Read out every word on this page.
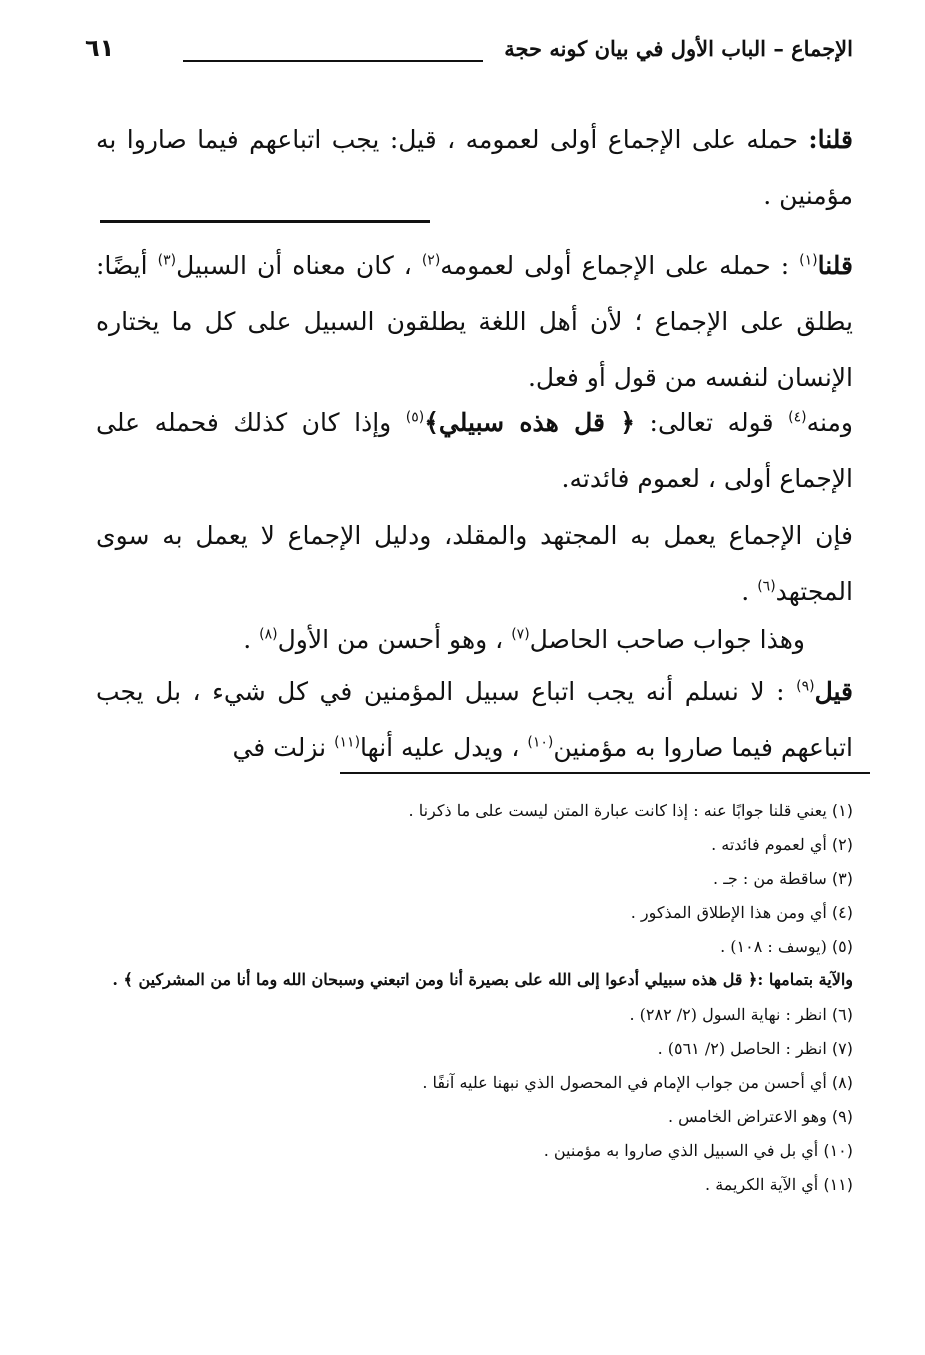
الإجماع – الباب الأول في بيان كونه حجة
٦١

قلنا: حمله على الإجماع أولى لعمومه ، قيل: يجب اتباعهم فيما صاروا به مؤمنين .

قلنا$^{(١)}$ : حمله على الإجماع أولى لعمومه$^{(٢)}$ ، كان معناه أن السبيل$^{(٣)}$ أيضًا: يطلق على الإجماع ؛ لأن أهل اللغة يطلقون السبيل على كل ما يختاره الإنسان لنفسه من قول أو فعل.

ومنه$^{(٤)}$ قوله تعالى: ﴿ قل هذه سبيلي﴾$^{(٥)}$ وإذا كان كذلك فحمله على الإجماع أولى ، لعموم فائدته.

فإن الإجماع يعمل به المجتهد والمقلد، ودليل الإجماع لا يعمل به سوى المجتهد$^{(٦)}$ .

وهذا جواب صاحب الحاصل$^{(٧)}$ ، وهو أحسن من الأول$^{(٨)}$ .

قيل$^{(٩)}$ : لا نسلم أنه يجب اتباع سبيل المؤمنين في كل شيء ، بل يجب اتباعهم فيما صاروا به مؤمنين$^{(١٠)}$ ، ويدل عليه أنها$^{(١١)}$ نزلت في

(١) يعني قلنا جوابًا عنه : إذا كانت عبارة المتن ليست على ما ذكرنا .

(٢) أي لعموم فائدته .

(٣) ساقطة من : جـ .

(٤) أي ومن هذا الإطلاق المذكور .

(٥) (يوسف : ١٠٨) .

والآية بتمامها :﴿ قل هذه سبيلي أدعوا إلى الله على بصيرة أنا ومن اتبعني وسبحان الله وما أنا من المشركين ﴾ .

(٦) انظر : نهاية السول (٢/ ٢٨٢) .

(٧) انظر : الحاصل (٢/ ٥٦١) .

(٨) أي أحسن من جواب الإمام في المحصول الذي نبهنا عليه آنفًا .

(٩) وهو الاعتراض الخامس .

(١٠) أي بل في السبيل الذي صاروا به مؤمنين .

(١١) أي الآية الكريمة .
